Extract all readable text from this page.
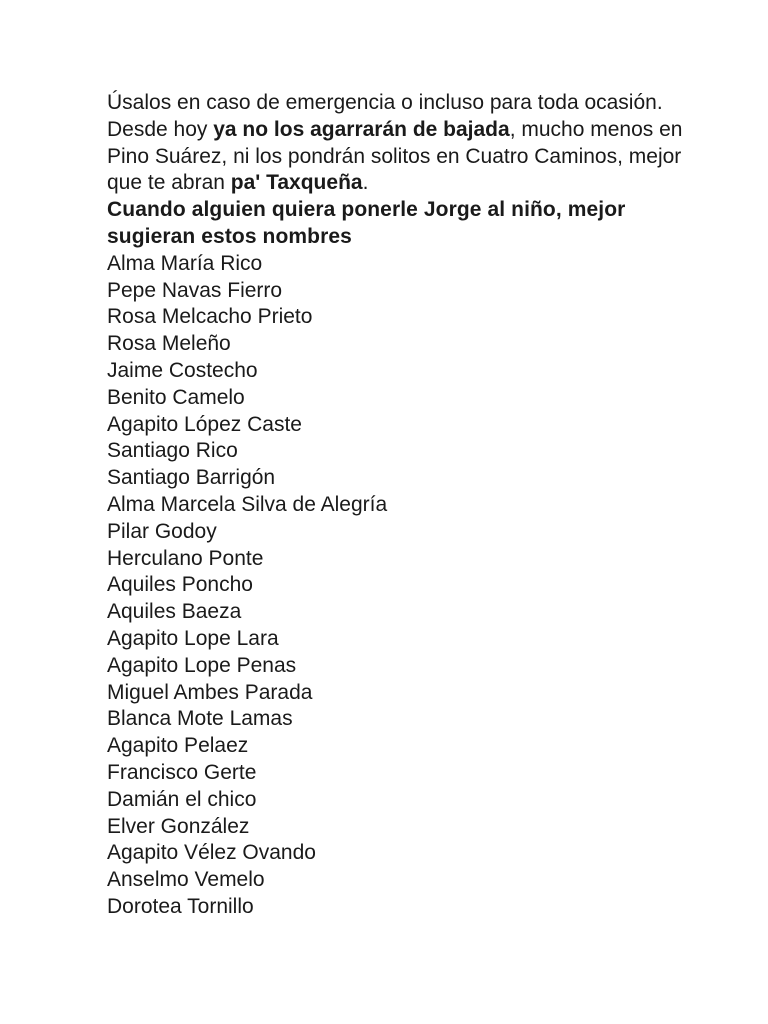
Úsalos en caso de emergencia o incluso para toda ocasión. Desde hoy ya no los agarrarán de bajada, mucho menos en Pino Suárez, ni los pondrán solitos en Cuatro Caminos, mejor que te abran pa' Taxqueña.

Cuando alguien quiera ponerle Jorge al niño, mejor sugieran estos nombres

Alma María Rico
Pepe Navas Fierro
Rosa Melcacho Prieto
Rosa Meleño
Jaime Costecho
Benito Camelo
Agapito López Caste
Santiago Rico
Santiago Barrigón
Alma Marcela Silva de Alegría
Pilar Godoy
Herculano Ponte
Aquiles Poncho
Aquiles Baeza
Agapito Lope Lara
Agapito Lope Penas
Miguel Ambes Parada
Blanca Mote Lamas
Agapito Pelaez
Francisco Gerte
Damián el chico
Elver González
Agapito Vélez Ovando
Anselmo Vemelo
Dorotea Tornillo
